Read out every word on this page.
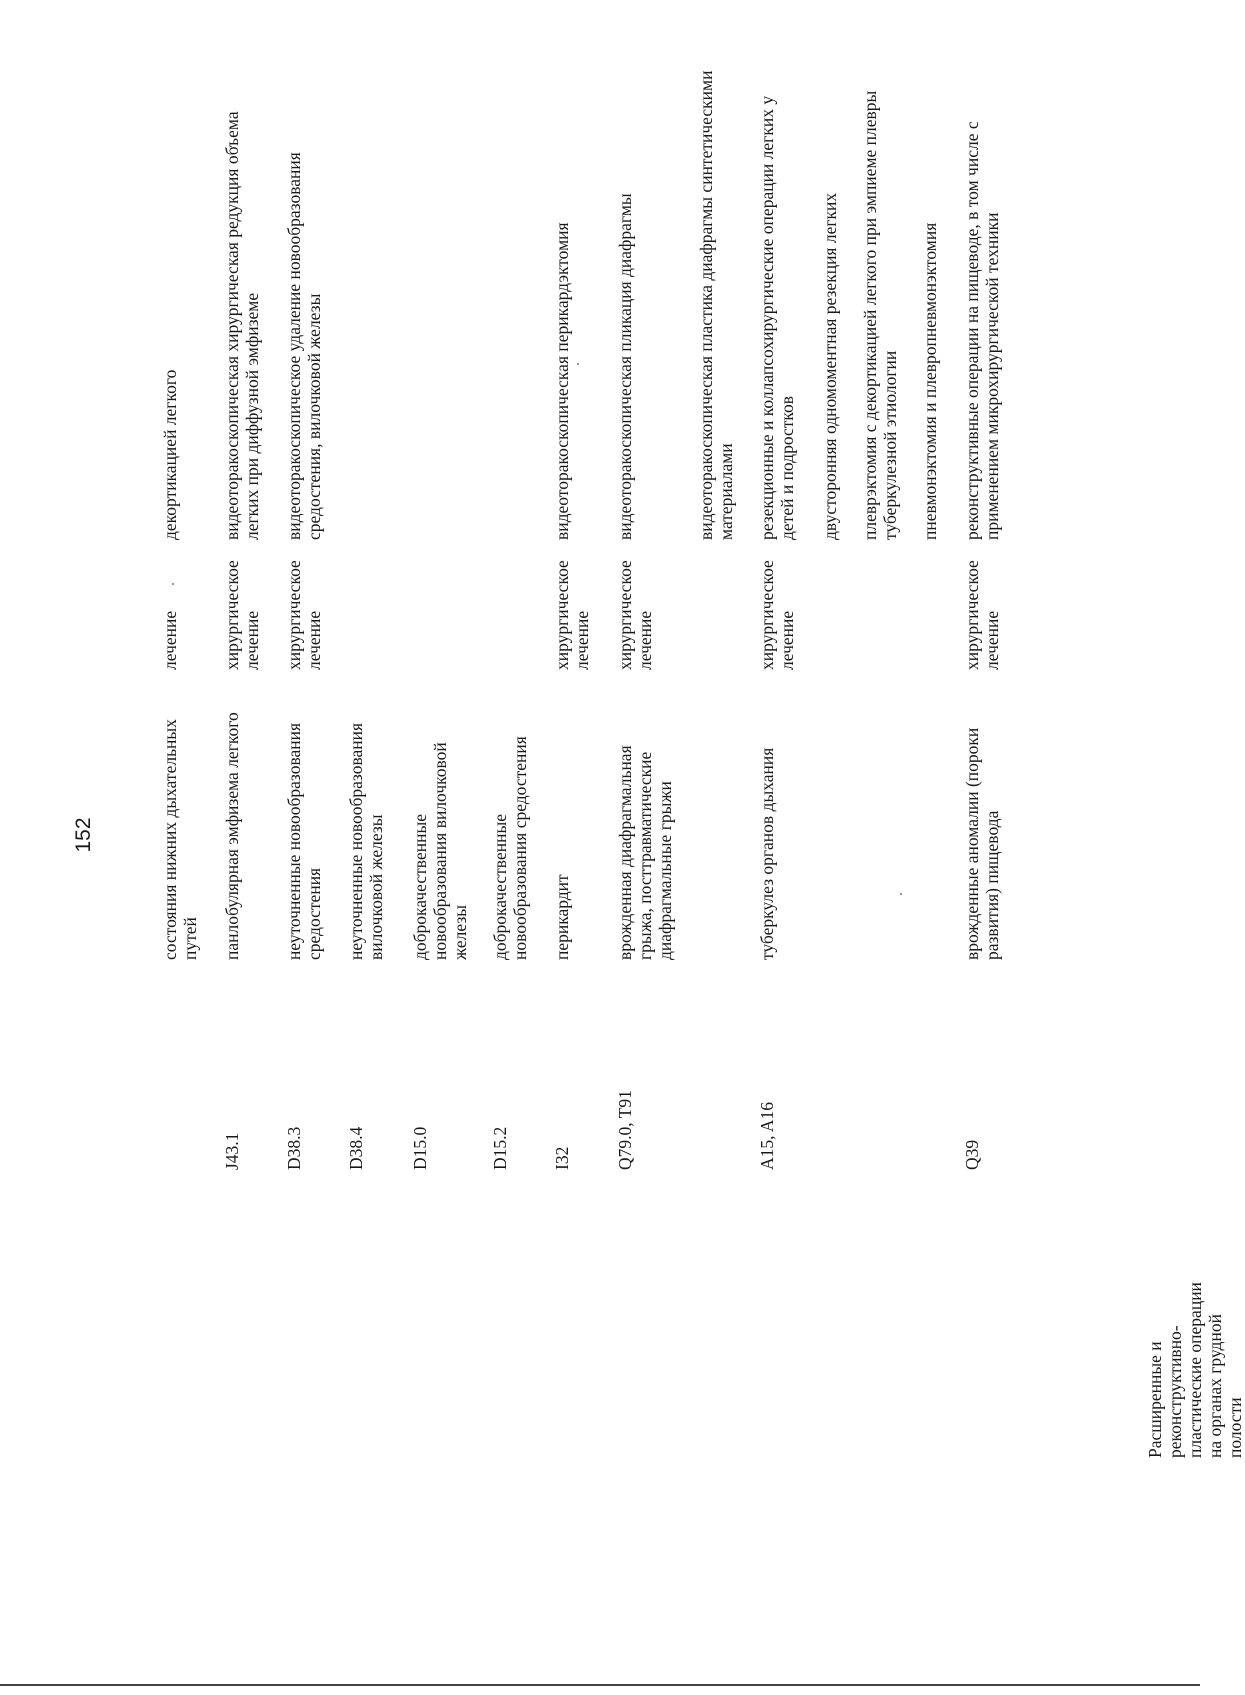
152
Расширенные и реконструктивно-пластические операции на органах грудной полости
состояния нижних дыхательных путей
лечение
декортикацией легкого
J43.1
панлобулярная эмфизема легкого
хирургическое лечение
видеоторакоскопическая хирургическая редукция объема легких при диффузной эмфиземе
D38.3
неуточненные новообразования средостения
хирургическое лечение
видеоторакоскопическое удаление новообразования средостения, вилочковой железы
D38.4
неуточненные новообразования вилочковой железы
D15.0
доброкачественные новообразования вилочковой железы
D15.2
доброкачественные новообразования средостения
I32
перикардит
хирургическое лечение
видеоторакоскопическая перикардэктомия
Q79.0, T91
врожденная диафрагмальная грыжа, посттравматические диафрагмальные грыжи
хирургическое лечение
видеоторакоскопическая пликация диафрагмы	видеоторакоскопическая пластика диафрагмы синтетическими материалами
A15, A16
туберкулез органов дыхания
хирургическое лечение
резекционные и коллапсохирургические операции легких у детей и подростков двусторонняя одномоментная резекция легких плеврэктомия с декортикацией легкого при эмпиеме плевры туберкулезной этиологии пневмонэктомия и плевропневмонэктомия
Q39
врожденные аномалии (пороки развития) пищевода
хирургическое лечение
реконструктивные операции на пищеводе, в том числе с применением микрохирургической техники
